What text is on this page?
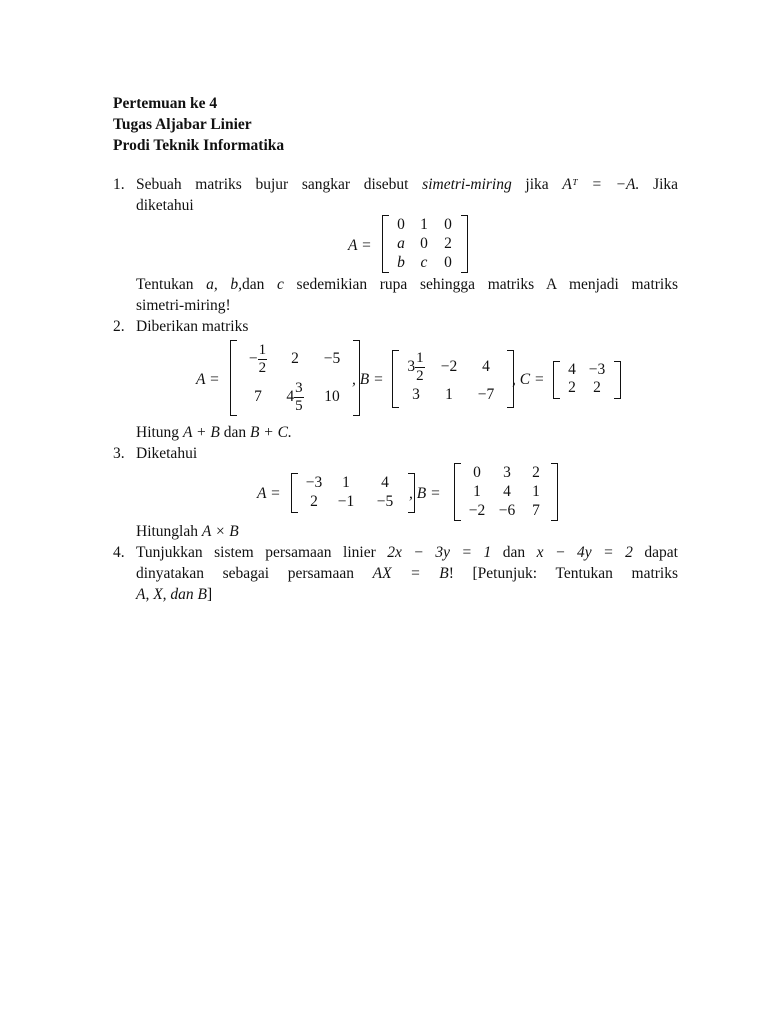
Pertemuan ke 4
Tugas Aljabar Linier
Prodi Teknik Informatika
1. Sebuah matriks bujur sangkar disebut simetri-miring jika Aᵀ = −A. Jika
diketahui
A =
0 1 0
a 0 2
b c 0
Tentukan a, b,dan c sedemikian rupa sehingga matriks A menjadi matriks
simetri-miring!
2. Diberikan matriks
A =
− $\frac{1}{2} 2 -5$
7 $4 \frac{3}{5} 10$
, B =
$3 \frac{1}{2} -2$ 4
3 1 −7
, C =
4 −3
2 2
Hitung A + B dan B + C.
3. Diketahui
A =
−3 1 4
2 −1 −5 , B =
0 3 2
1 4 1
−2 −6 7
Hitunglah A × B
4. Tunjukkan sistem persamaan linier 2x − 3y = 1 dan x − 4y = 2 dapat
dinyatakan sebagai persamaan AX = B! [Petunjuk: Tentukan matriks
A, X, dan B]
